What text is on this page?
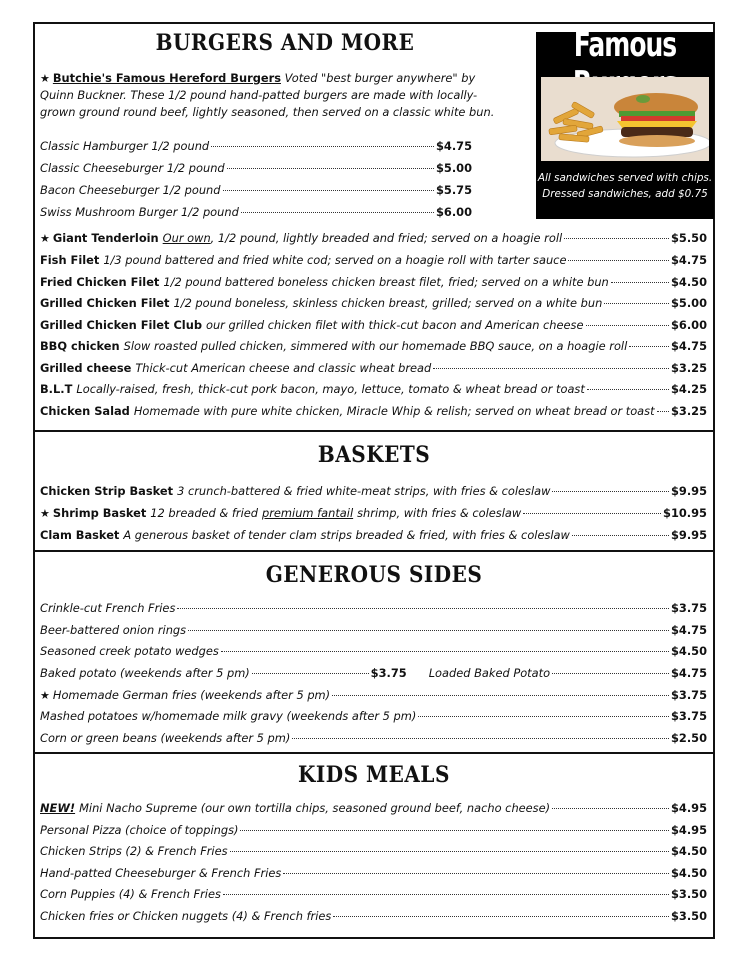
BURGERS AND MORE
★ Butchie's Famous Hereford Burgers Voted "best burger anywhere" by Quinn Buckner. These 1/2 pound hand-patted burgers are made with locally-grown ground round beef, lightly seasoned, then served on a classic white bun.
Classic Hamburger 1/2 pound	$4.75
Classic Cheeseburger 1/2 pound	$5.00
Bacon Cheeseburger 1/2 pound	$5.75
Swiss Mushroom Burger 1/2 pound	$6.00
★ Giant Tenderloin Our own , 1/2 pound, lightly breaded and fried; served on a hoagie roll	$5.50
Fish Filet 1/3 pound battered and fried white cod; served on a hoagie roll with tarter sauce	$4.75
Fried Chicken Filet 1/2 pound battered boneless chicken breast filet, fried; served on a white bun	$4.50
Grilled Chicken Filet 1/2 pound boneless, skinless chicken breast, grilled; served on a white bun	$5.00
Grilled Chicken Filet Club our grilled chicken filet with thick-cut bacon and American cheese	$6.00
BBQ chicken Slow roasted pulled chicken, simmered with our homemade BBQ sauce, on a hoagie roll	$4.75
Grilled cheese Thick-cut American cheese and classic wheat bread	$3.25
B.L.T Locally-raised, fresh, thick-cut pork bacon, mayo, lettuce, tomato & wheat bread or toast	$4.25
Chicken Salad Homemade with pure white chicken, Miracle Whip & relish; served on wheat bread or toast $3.25
Famous
All sandwiches served with chips.
Dressed sandwiches, add $0.75
BASKETS
Chicken Strip Basket 3 crunch-battered & fried white-meat strips, with fries & coleslaw	$9.95
★ Shrimp Basket 12 breaded & fried premium fantail shrimp, with fries & coleslaw	$10.95
Clam Basket A generous basket of tender clam strips breaded & fried, with fries & coleslaw	$9.95
GENEROUS SIDES
Crinkle-cut French Fries	$3.75
Beer-battered onion rings	$4.75
Seasoned creek potato wedges	$4.50
Baked potato (weekends after 5 pm)	$3.75 Loaded Baked Potato	$4.75
★ Homemade German fries (weekends after 5 pm)	$3.75
Mashed potatoes w/homemade milk gravy (weekends after 5 pm)	$3.75
Corn or green beans (weekends after 5 pm)	$2.50
KIDS MEALS
NEW! Mini Nacho Supreme (our own tortilla chips, seasoned ground beef, nacho cheese)	$4.95
Personal Pizza (choice of toppings)	$4.95
Chicken Strips (2) & French Fries	$4.50
Hand-patted Cheeseburger & French Fries	$4.50
Corn Puppies (4) & French Fries	$3.50
Chicken fries or Chicken nuggets (4) & French fries	$3.50
